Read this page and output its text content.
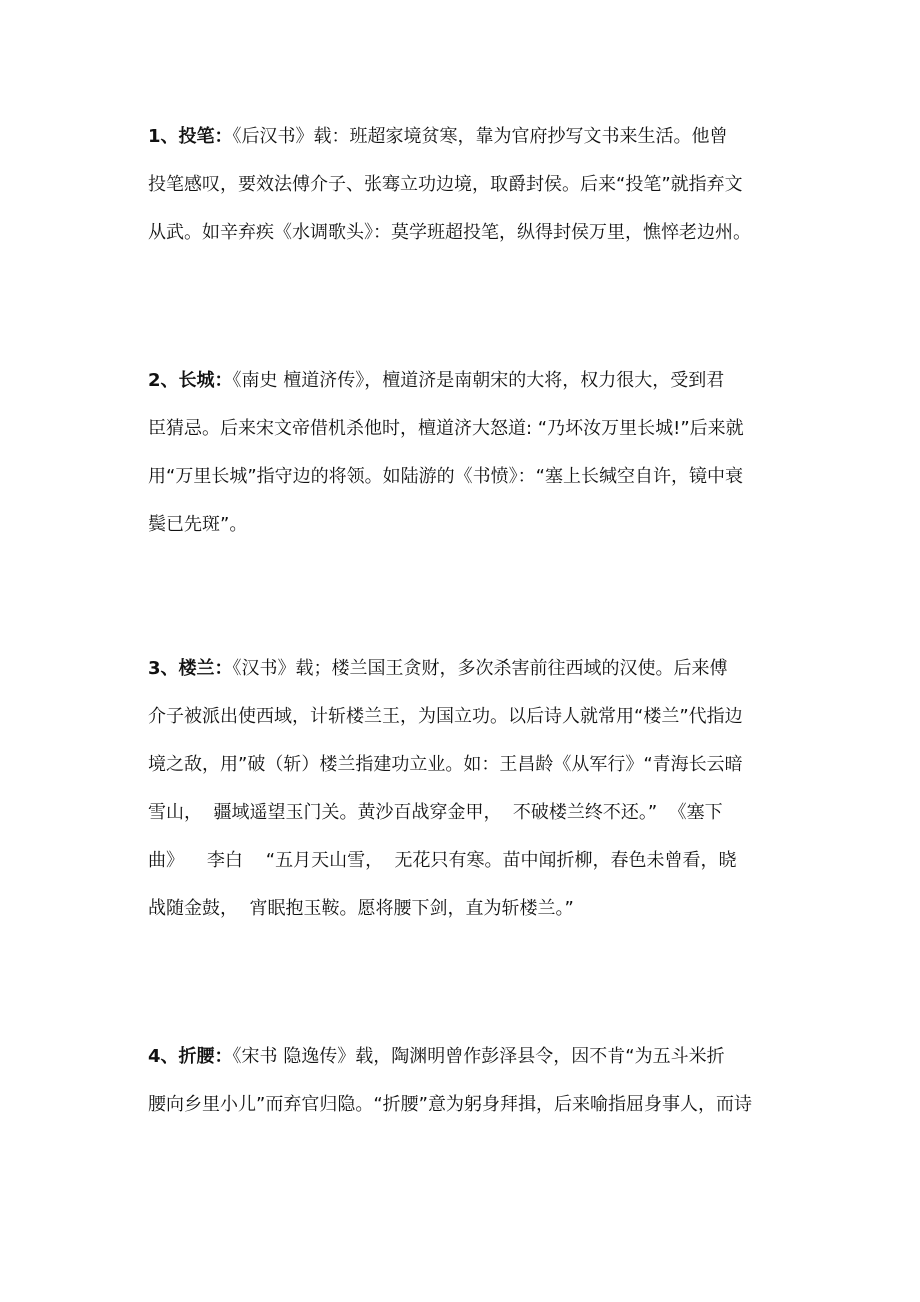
1、投笔：《后汉书》载：班超家境贫寒，靠为官府抄写文书来生活。他曾
投笔感叹，要效法傅介子、张骞立功边境，取爵封侯。后来“投笔”就指弃文
从武。如辛弃疾《水调歌头》：莫学班超投笔，纵得封侯万里，憔悴老边州。
2、长城：《南史 檀道济传》，檀道济是南朝宋的大将，权力很大，受到君
臣猜忌。后来宋文帝借机杀他时，檀道济大怒道: “乃坏汝万里长城!”后来就
用“万里长城”指守边的将领。如陆游的《书愤》：“塞上长缄空自许，镜中衰
鬓已先斑”。
3、楼兰：《汉书》载；楼兰国王贪财，多次杀害前往西域的汉使。后来傅
介子被派出使西域，计斩楼兰王，为国立功。以后诗人就常用“楼兰”代指边
境之敌，用”破（斩）楼兰指建功立业。如：王昌龄《从军行》“青海长云暗
雪山，  疆域遥望玉门关。黄沙百战穿金甲，  不破楼兰终不还。”  《塞下
曲》    李白    “五月天山雪，  无花只有寒。苗中闻折柳，春色未曾看，晓
战随金鼓，  宵眠抱玉鞍。愿将腰下剑，直为斩楼兰。”
4、折腰：《宋书 隐逸传》载，陶渊明曾作彭泽县令，因不肯“为五斗米折
腰向乡里小儿”而弃官归隐。“折腰”意为躬身拜揖，后来喻指屈身事人，而诗
